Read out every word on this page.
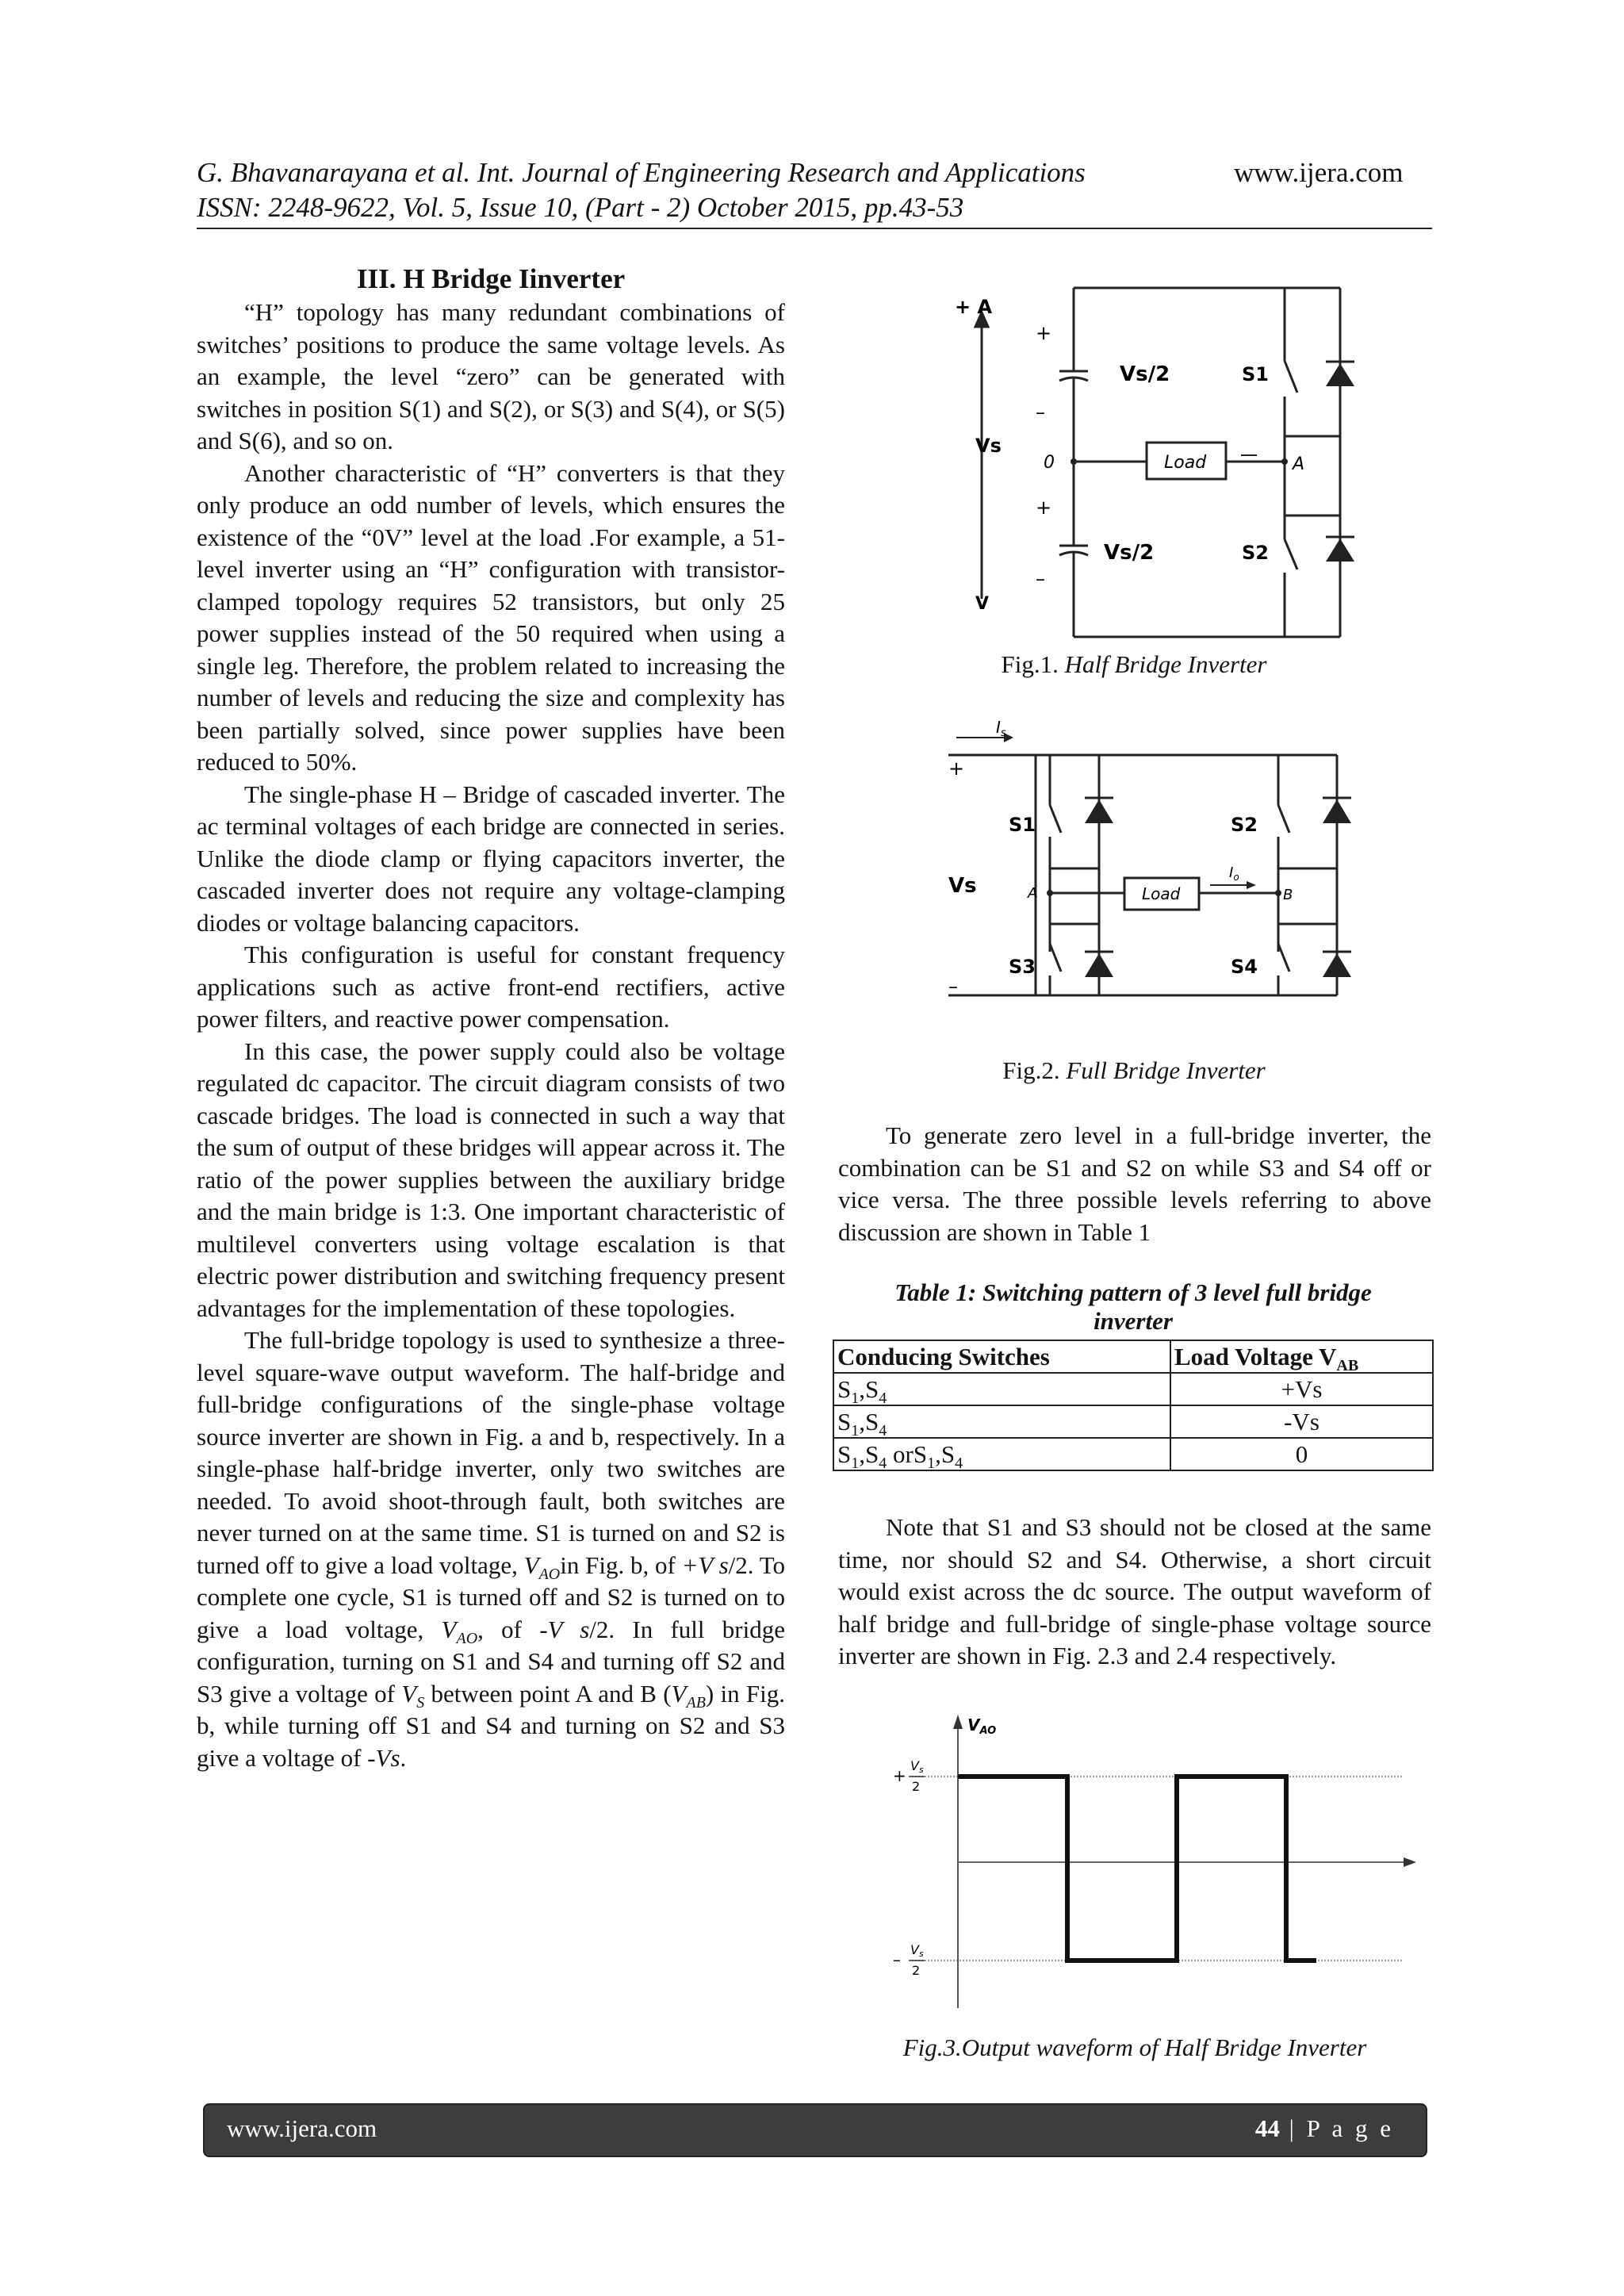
G. Bhavanarayana et al. Int. Journal of Engineering Research and Applications	www.ijera.com
ISSN: 2248-9622, Vol. 5, Issue 10, (Part - 2) October 2015, pp.43-53

III. H Bridge Iinverter

“H” topology has many redundant combinations of switches’ positions to produce the same voltage levels. As an example, the level “zero” can be generated with switches in position S(1) and S(2), or S(3) and S(4), or S(5) and S(6), and so on.

Another characteristic of “H” converters is that they only produce an odd number of levels, which ensures the existence of the “0V” level at the load .For example, a 51-level inverter using an “H” configuration with transistor-clamped topology requires 52 transistors, but only 25 power supplies instead of the 50 required when using a single leg. Therefore, the problem related to increasing the number of levels and reducing the size and complexity has been partially solved, since power supplies have been reduced to 50%.

The single-phase H – Bridge of cascaded inverter. The ac terminal voltages of each bridge are connected in series. Unlike the diode clamp or flying capacitors inverter, the cascaded inverter does not require any voltage-clamping diodes or voltage balancing capacitors.

This configuration is useful for constant frequency applications such as active front-end rectifiers, active power filters, and reactive power compensation.

In this case, the power supply could also be voltage regulated dc capacitor. The circuit diagram consists of two cascade bridges. The load is connected in such a way that the sum of output of these bridges will appear across it. The ratio of the power supplies between the auxiliary bridge and the main bridge is 1:3. One important characteristic of multilevel converters using voltage escalation is that electric power distribution and switching frequency present advantages for the implementation of these topologies.

The full-bridge topology is used to synthesize a three-level square-wave output waveform. The half-bridge and full-bridge configurations of the single-phase voltage source inverter are shown in Fig. a and b, respectively. In a single-phase half-bridge inverter, only two switches are needed. To avoid shoot-through fault, both switches are never turned on at the same time. S1 is turned on and S2 is turned off to give a load voltage, $V_{AO}in$ Fig. b, of +V s/2. To complete one cycle, S1 is turned off and S2 is turned on to give a load voltage, $V_{AO}$, of -V s/2. In full bridge configuration, turning on S1 and S4 and turning off S2 and S3 give a voltage of $V_S$ between point A and B $(V_{AB})$ in Fig. b, while turning off S1 and S4 and turning on S2 and S3 give a voltage of -Vs.

+ A
Vs
V
+
–
+
–
Vs/2
Vs/2
0
S1
S2
A
Load
Fig.1. Half Bridge Inverter
$I_s$
$I_o$
+
–
Vs
S1	S2
S3	S4
A	B
Load
Fig.2. Full Bridge Inverter

To generate zero level in a full-bridge inverter, the combination can be S1 and S2 on while S3 and S4 off or vice versa. The three possible levels referring to above discussion are shown in Table 1

Table 1: Switching pattern of 3 level full bridge
inverter
Conducing Switches	Load Voltage $V_{AB}$
$S_1,S_4$	+Vs
$S_1,S_4$	-Vs
$S_1,S_4$ $orS_1,S_4$	0

Note that S1 and S3 should not be closed at the same time, nor should S2 and S4. Otherwise, a short circuit would exist across the dc source. The output waveform of half bridge and full-bridge of single-phase voltage source inverter are shown in Fig. 2.3 and 2.4 respectively.

$V_{AO}$
+
Vs
2
–
Vs
2
Fig.3.Output waveform of Half Bridge Inverter
www.ijera.com	44 | P a g e
